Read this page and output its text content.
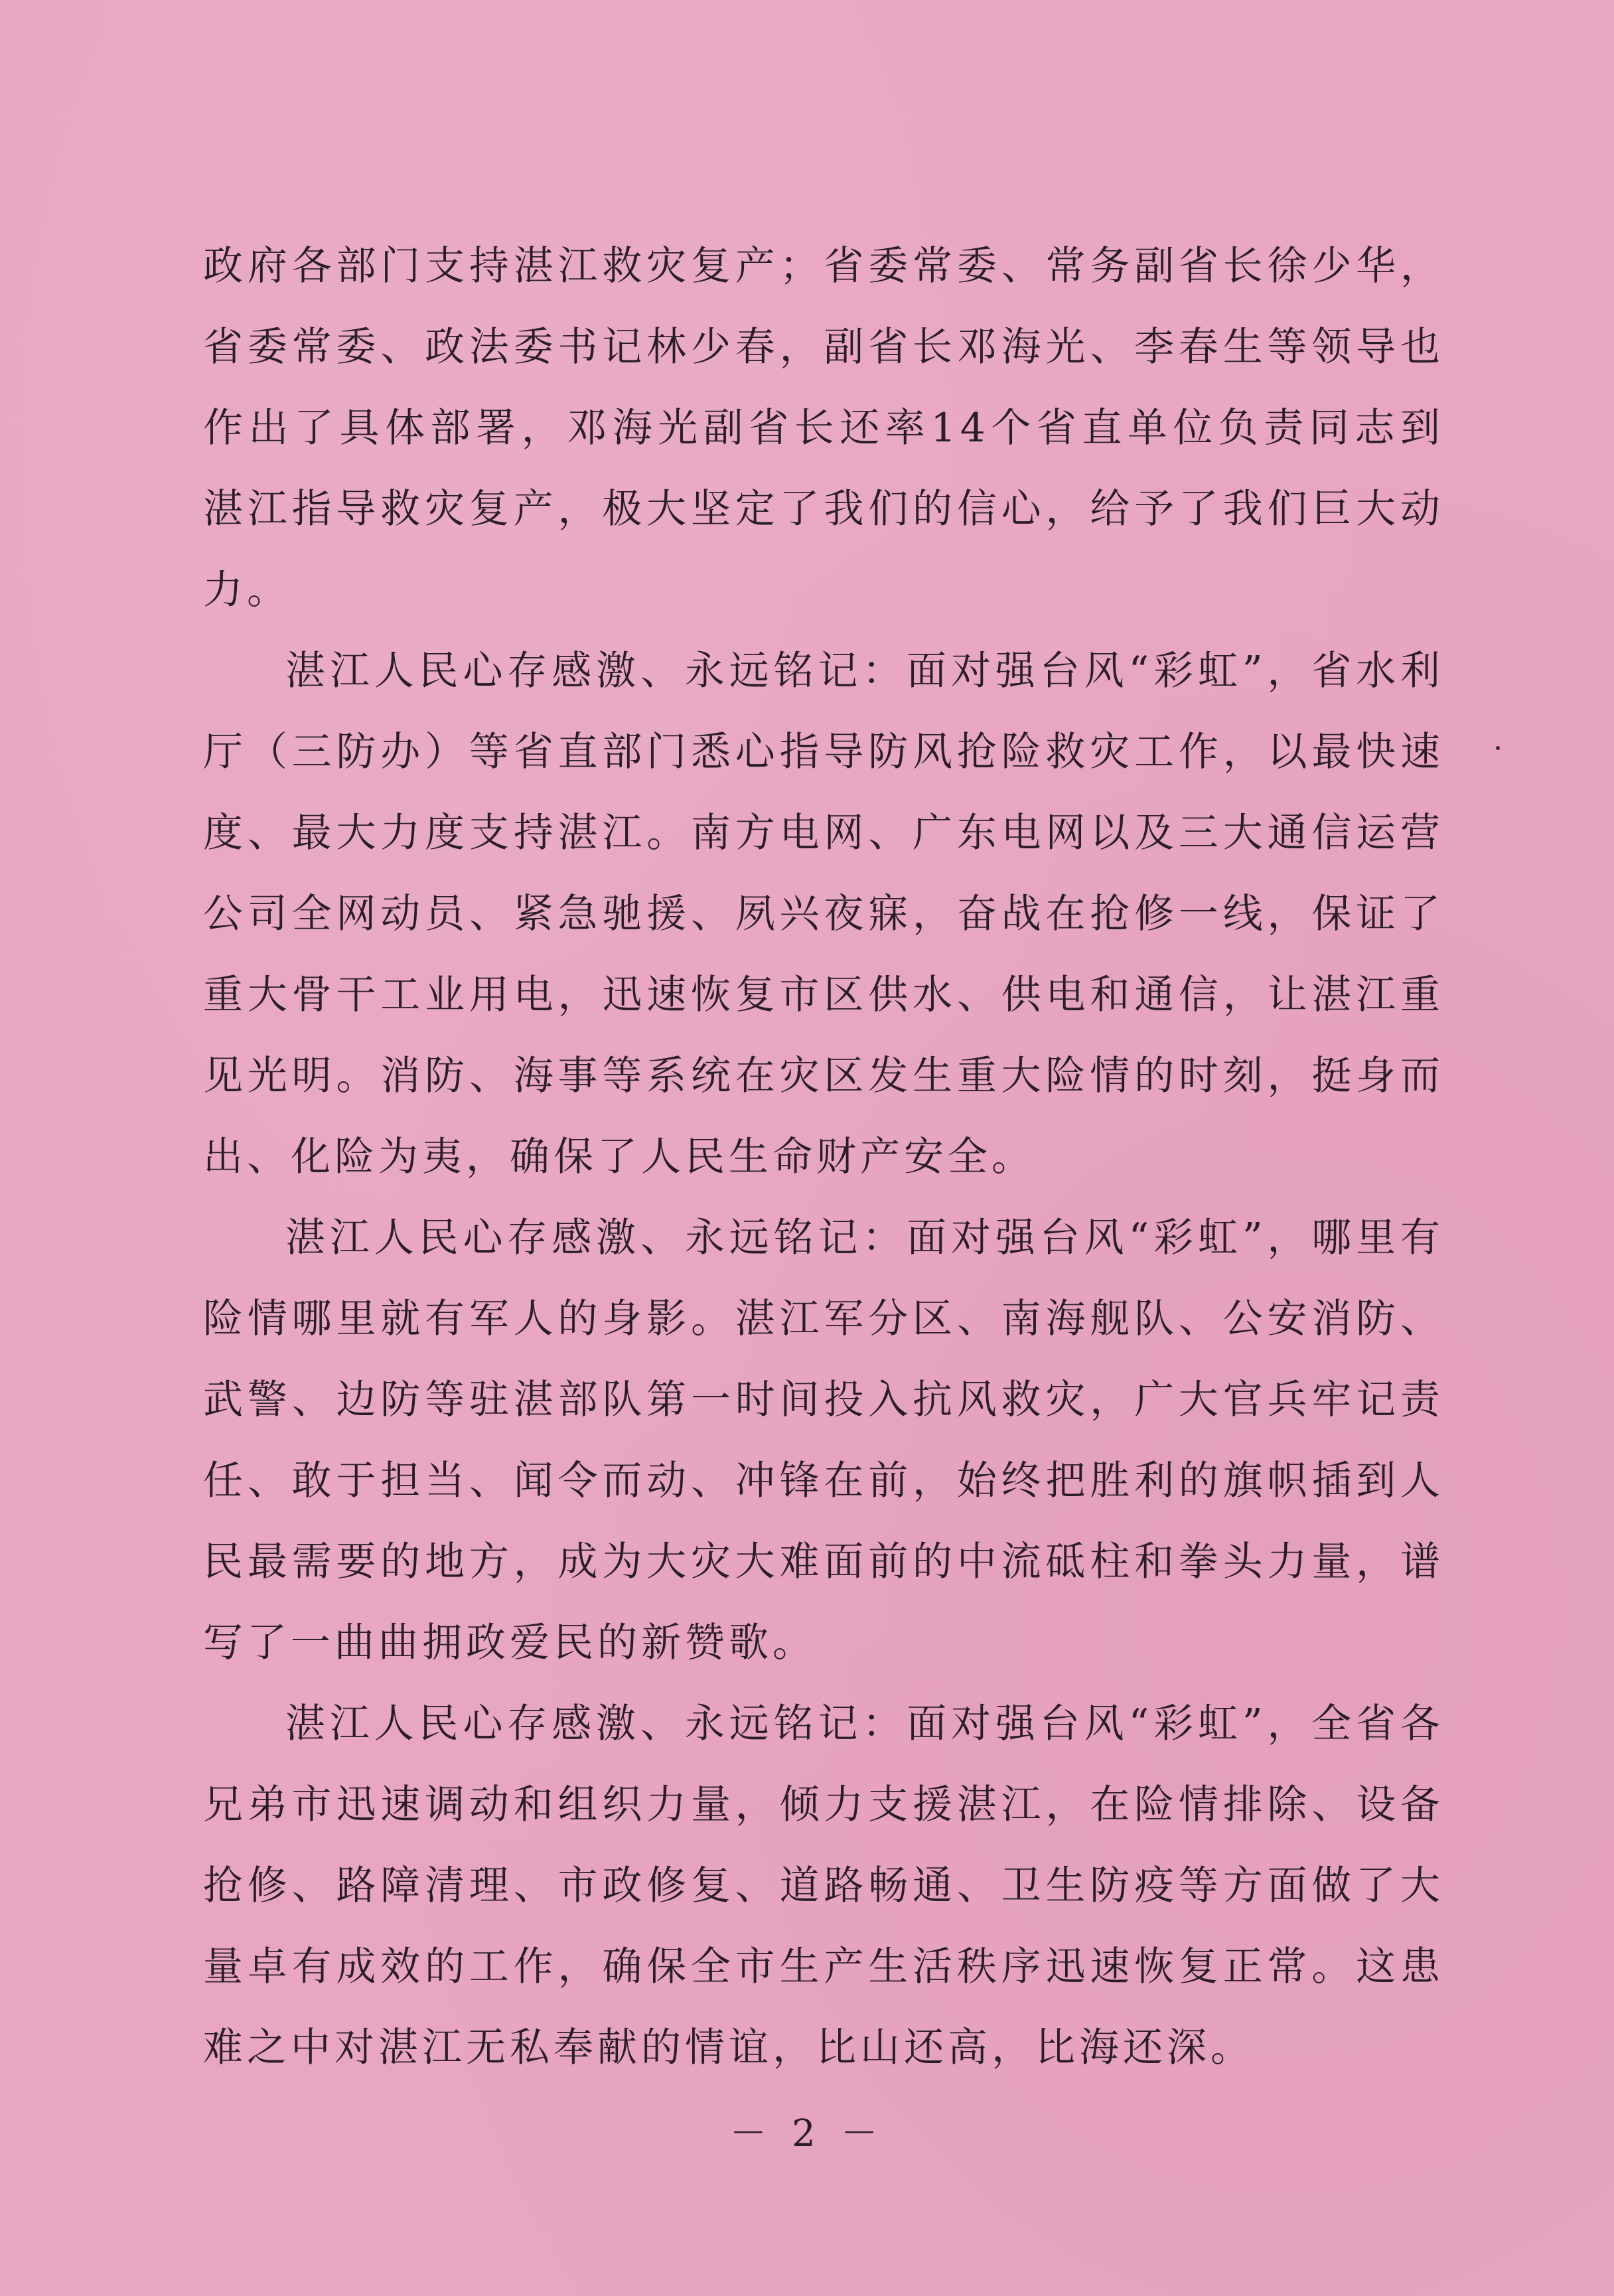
政府各部门支持湛江救灾复产；省委常委、常务副省长徐少华，省委常委、政法委书记林少春，副省长邓海光、李春生等领导也作出了具体部署，邓海光副省长还率14个省直单位负责同志到湛江指导救灾复产，极大坚定了我们的信心，给予了我们巨大动力。

湛江人民心存感激、永远铭记：面对强台风“彩虹”，省水利厅（三防办）等省直部门悉心指导防风抢险救灾工作，以最快速度、最大力度支持湛江。南方电网、广东电网以及三大通信运营公司全网动员、紧急驰援、夙兴夜寐，奋战在抢修一线，保证了重大骨干工业用电，迅速恢复市区供水、供电和通信，让湛江重见光明。消防、海事等系统在灾区发生重大险情的时刻，挺身而出、化险为夷，确保了人民生命财产安全。

湛江人民心存感激、永远铭记：面对强台风“彩虹”，哪里有险情哪里就有军人的身影。湛江军分区、南海舰队、公安消防、武警、边防等驻湛部队第一时间投入抗风救灾，广大官兵牢记责任、敢于担当、闻令而动、冲锋在前，始终把胜利的旗帜插到人民最需要的地方，成为大灾大难面前的中流砥柱和拳头力量，谱写了一曲曲拥政爱民的新赞歌。

湛江人民心存感激、永远铭记：面对强台风“彩虹”，全省各兄弟市迅速调动和组织力量，倾力支援湛江，在险情排除、设备抢修、路障清理、市政修复、道路畅通、卫生防疫等方面做了大量卓有成效的工作，确保全市生产生活秩序迅速恢复正常。这患难之中对湛江无私奉献的情谊，比山还高，比海还深。

－ 2 －
